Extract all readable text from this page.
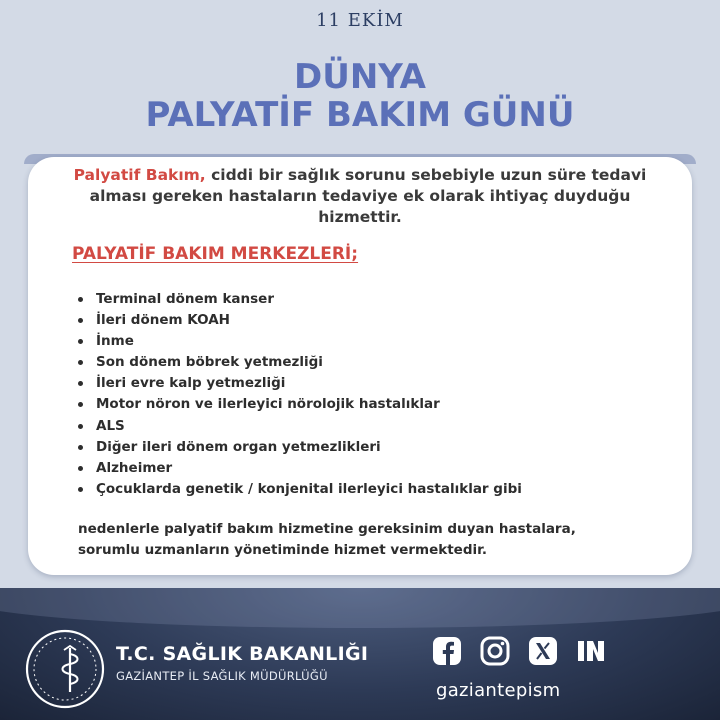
11 EKİM
DÜNYA
PALYATİF BAKIM GÜNÜ
Palyatif Bakım, ciddi bir sağlık sorunu sebebiyle uzun süre tedavi alması gereken hastaların tedaviye ek olarak ihtiyaç duyduğu hizmettir.
PALYATİF BAKIM MERKEZLERİ;
Terminal dönem kanser
İleri dönem KOAH
İnme
Son dönem böbrek yetmezliği
İleri evre kalp yetmezliği
Motor nöron ve ilerleyici nörolojik hastalıklar
ALS
Diğer ileri dönem organ yetmezlikleri
Alzheimer
Çocuklarda genetik / konjenital ilerleyici hastalıklar gibi
nedenlerle palyatif bakım hizmetine gereksinim duyan hastalara,
sorumlu uzmanların yönetiminde hizmet vermektedir.
T.C. SAĞLIK BAKANLIĞI
GAZİANTEP İL SAĞLIK MÜDÜRLÜĞÜ
gaziantepism
